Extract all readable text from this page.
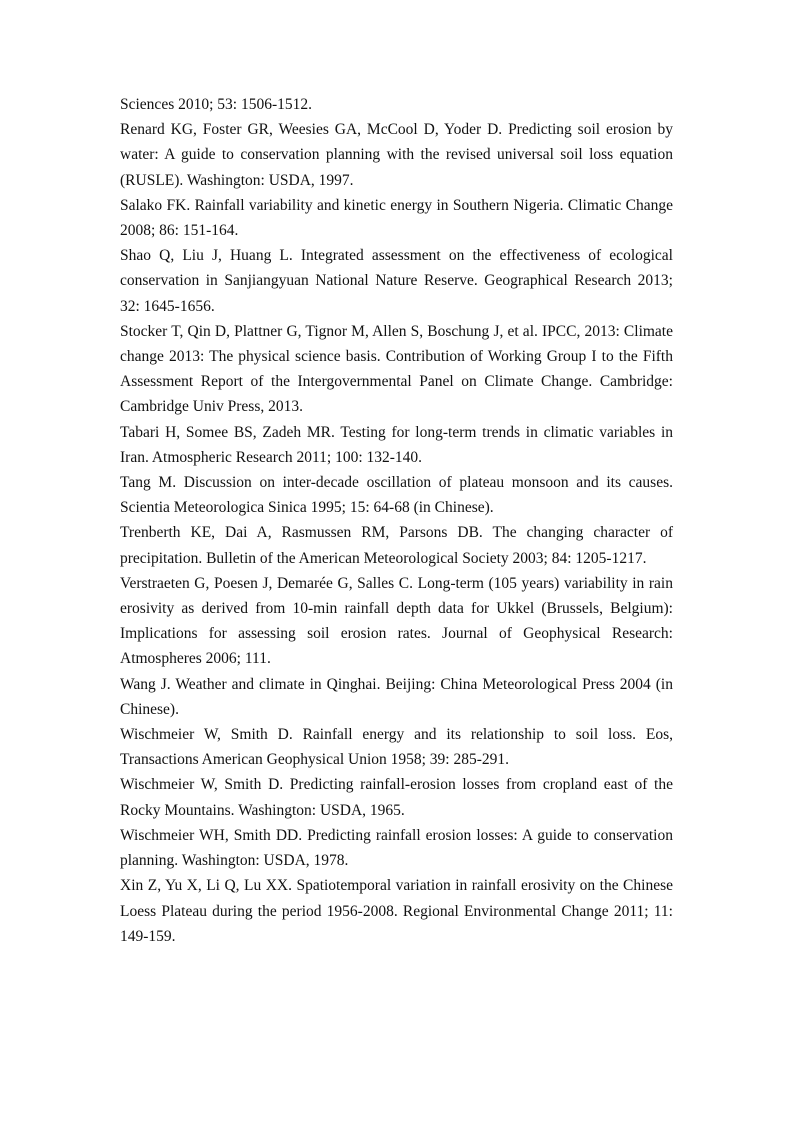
Sciences 2010; 53: 1506-1512.
Renard KG, Foster GR, Weesies GA, McCool D, Yoder D. Predicting soil erosion by water: A guide to conservation planning with the revised universal soil loss equation (RUSLE). Washington: USDA, 1997.
Salako FK. Rainfall variability and kinetic energy in Southern Nigeria. Climatic Change 2008; 86: 151-164.
Shao Q, Liu J, Huang L. Integrated assessment on the effectiveness of ecological conservation in Sanjiangyuan National Nature Reserve. Geographical Research 2013; 32: 1645-1656.
Stocker T, Qin D, Plattner G, Tignor M, Allen S, Boschung J, et al. IPCC, 2013: Climate change 2013: The physical science basis. Contribution of Working Group I to the Fifth Assessment Report of the Intergovernmental Panel on Climate Change. Cambridge: Cambridge Univ Press, 2013.
Tabari H, Somee BS, Zadeh MR. Testing for long-term trends in climatic variables in Iran. Atmospheric Research 2011; 100: 132-140.
Tang M. Discussion on inter-decade oscillation of plateau monsoon and its causes. Scientia Meteorologica Sinica 1995; 15: 64-68 (in Chinese).
Trenberth KE, Dai A, Rasmussen RM, Parsons DB. The changing character of precipitation. Bulletin of the American Meteorological Society 2003; 84: 1205-1217.
Verstraeten G, Poesen J, Demarée G, Salles C. Long-term (105 years) variability in rain erosivity as derived from 10‐min rainfall depth data for Ukkel (Brussels, Belgium): Implications for assessing soil erosion rates. Journal of Geophysical Research: Atmospheres 2006; 111.
Wang J. Weather and climate in Qinghai. Beijing: China Meteorological Press 2004 (in Chinese).
Wischmeier W, Smith D. Rainfall energy and its relationship to soil loss. Eos, Transactions American Geophysical Union 1958; 39: 285-291.
Wischmeier W, Smith D. Predicting rainfall-erosion losses from cropland east of the Rocky Mountains. Washington: USDA, 1965.
Wischmeier WH, Smith DD. Predicting rainfall erosion losses: A guide to conservation planning. Washington: USDA, 1978.
Xin Z, Yu X, Li Q, Lu XX. Spatiotemporal variation in rainfall erosivity on the Chinese Loess Plateau during the period 1956-2008. Regional Environmental Change 2011; 11: 149-159.
